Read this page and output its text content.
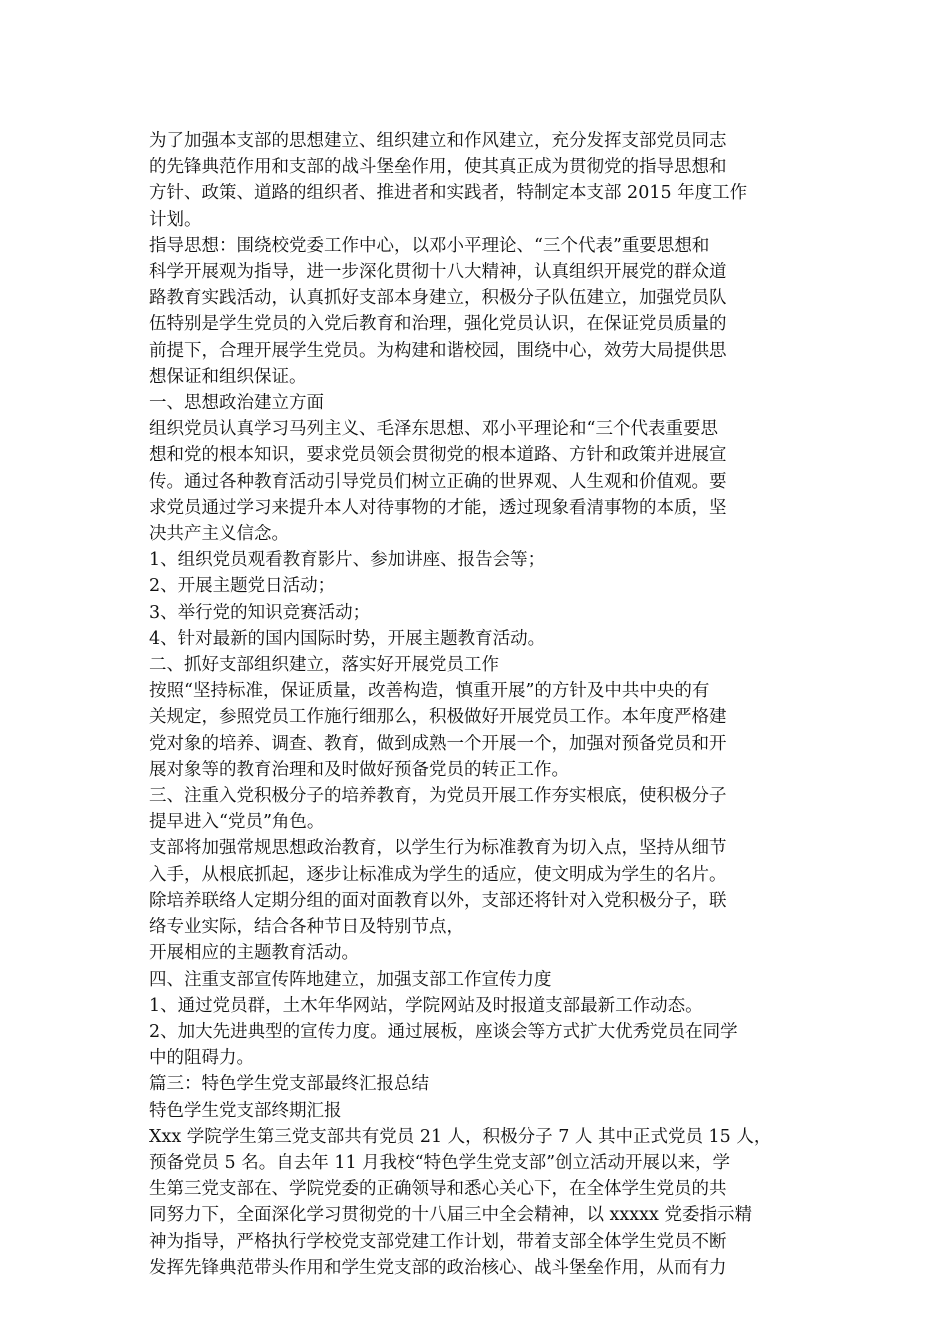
为了加强本支部的思想建立、组织建立和作风建立，充分发挥支部党员同志
的先锋典范作用和支部的战斗堡垒作用，使其真正成为贯彻党的指导思想和
方针、政策、道路的组织者、推进者和实践者，特制定本支部 2015 年度工作
计划。

指导思想：围绕校党委工作中心，以邓小平理论、“三个代表”重要思想和
科学开展观为指导，进一步深化贯彻十八大精神，认真组织开展党的群众道
路教育实践活动，认真抓好支部本身建立，积极分子队伍建立，加强党员队
伍特别是学生党员的入党后教育和治理，强化党员认识，在保证党员质量的
前提下，合理开展学生党员。为构建和谐校园，围绕中心，效劳大局提供思
想保证和组织保证。

一、思想政治建立方面

组织党员认真学习马列主义、毛泽东思想、邓小平理论和“三个代表重要思
想和党的根本知识，要求党员领会贯彻党的根本道路、方针和政策并进展宣
传。通过各种教育活动引导党员们树立正确的世界观、人生观和价值观。要
求党员通过学习来提升本人对待事物的才能，透过现象看清事物的本质，坚
决共产主义信念。

1、组织党员观看教育影片、参加讲座、报告会等；

2、开展主题党日活动；

3、举行党的知识竞赛活动；

4、针对最新的国内国际时势，开展主题教育活动。

二、抓好支部组织建立，落实好开展党员工作

按照“坚持标准，保证质量，改善构造，慎重开展”的方针及中共中央的有
关规定，参照党员工作施行细那么，积极做好开展党员工作。本年度严格建
党对象的培养、调查、教育，做到成熟一个开展一个，加强对预备党员和开
展对象等的教育治理和及时做好预备党员的转正工作。

三、注重入党积极分子的培养教育，为党员开展工作夯实根底，使积极分子
提早进入“党员”角色。

支部将加强常规思想政治教育，以学生行为标准教育为切入点，坚持从细节
入手，从根底抓起，逐步让标准成为学生的适应，使文明成为学生的名片。
除培养联络人定期分组的面对面教育以外，支部还将针对入党积极分子，联
络专业实际，结合各种节日及特别节点，

开展相应的主题教育活动。

四、注重支部宣传阵地建立，加强支部工作宣传力度

1、通过党员群，土木年华网站，学院网站及时报道支部最新工作动态。

2、加大先进典型的宣传力度。通过展板，座谈会等方式扩大优秀党员在同学
中的阻碍力。

篇三：特色学生党支部最终汇报总结

特色学生党支部终期汇报

Xxx 学院学生第三党支部共有党员 21 人，积极分子 7 人 其中正式党员 15 人，
预备党员 5 名。自去年 11 月我校“特色学生党支部”创立活动开展以来，学
生第三党支部在、学院党委的正确领导和悉心关心下，在全体学生党员的共
同努力下，全面深化学习贯彻党的十八届三中全会精神，以 xxxxx 党委指示精
神为指导，严格执行学校党支部党建工作计划，带着支部全体学生党员不断
发挥先锋典范带头作用和学生党支部的政治核心、战斗堡垒作用，从而有力
